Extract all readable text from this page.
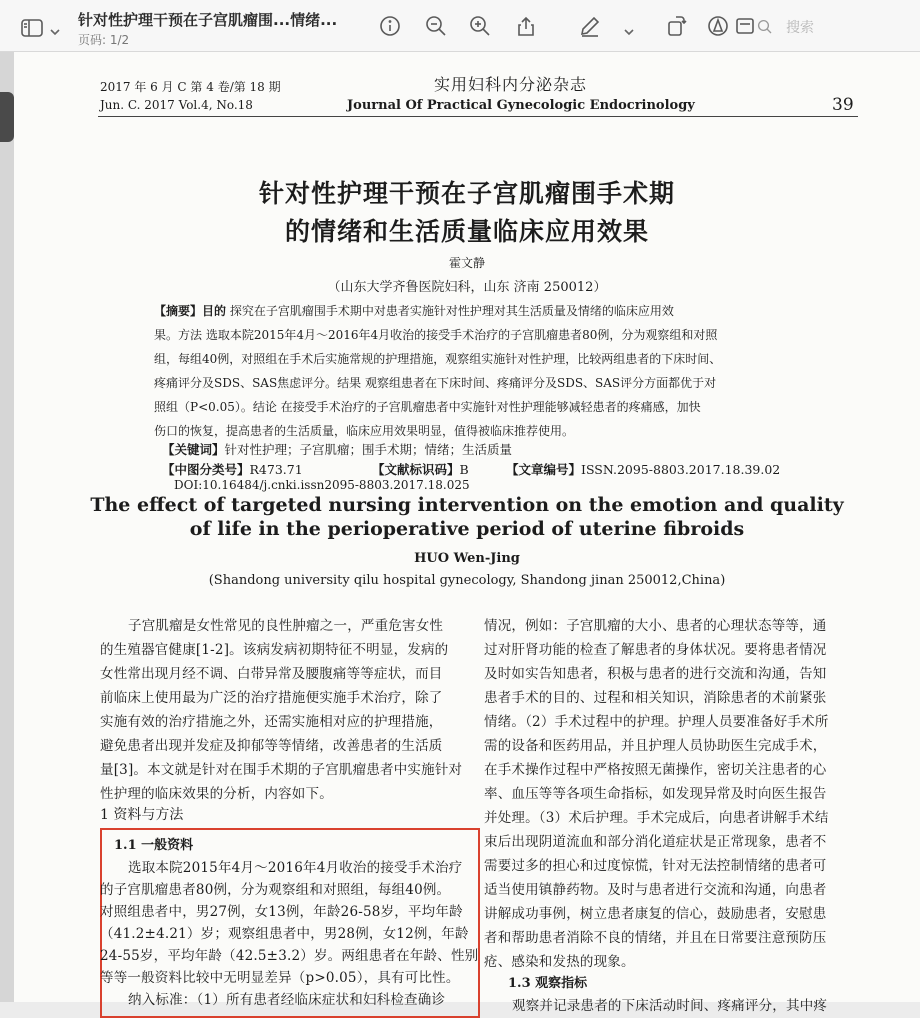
针对性护理干预在子宫肌瘤围...情绪...
页码: 1/2
搜索
2017 年 6 月 C 第 4 卷/第 18 期
Jun. C. 2017 Vol.4, No.18
实用妇科内分泌杂志
Journal Of Practical Gynecologic Endocrinology	39
针对性护理干预在子宫肌瘤围手术期
的情绪和生活质量临床应用效果
霍文静
（山东大学齐鲁医院妇科，山东 济南 250012）
【摘要】目的 探究在子宫肌瘤围手术期中对患者实施针对性护理对其生活质量及情绪的临床应用效
果。方法 选取本院2015年4月～2016年4月收治的接受手术治疗的子宫肌瘤患者80例，分为观察组和对照
组，每组40例，对照组在手术后实施常规的护理措施，观察组实施针对性护理，比较两组患者的下床时间、
疼痛评分及SDS、SAS焦虑评分。结果 观察组患者在下床时间、疼痛评分及SDS、SAS评分方面都优于对
照组（P<0.05）。结论 在接受手术治疗的子宫肌瘤患者中实施针对性护理能够减轻患者的疼痛感，加快
伤口的恢复，提高患者的生活质量，临床应用效果明显，值得被临床推荐使用。
【关键词】针对性护理；子宫肌瘤；围手术期；情绪；生活质量
【中图分类号】R473.71	【文献标识码】B	【文章编号】ISSN.2095-8803.2017.18.39.02
DOI:10.16484/j.cnki.issn2095-8803.2017.18.025
The effect of targeted nursing intervention on the emotion and quality
of life in the perioperative period of uterine fibroids
HUO Wen-Jing
(Shandong university qilu hospital gynecology, Shandong jinan 250012,China)
子宫肌瘤是女性常见的良性肿瘤之一，严重危害女性
的生殖器官健康[1-2]。该病发病初期特征不明显，发病的
女性常出现月经不调、白带异常及腰腹痛等等症状，而目
前临床上使用最为广泛的治疗措施便实施手术治疗，除了
实施有效的治疗措施之外，还需实施相对应的护理措施，
避免患者出现并发症及抑郁等等情绪，改善患者的生活质
量[3]。本文就是针对在围手术期的子宫肌瘤患者中实施针对
性护理的临床效果的分析，内容如下。
1 资料与方法
1.1 一般资料
选取本院2015年4月～2016年4月收治的接受手术治疗
的子宫肌瘤患者80例，分为观察组和对照组，每组40例。
对照组患者中，男27例，女13例，年龄26-58岁，平均年龄
（41.2±4.21）岁；观察组患者中，男28例，女12例，年龄
24-55岁，平均年龄（42.5±3.2）岁。两组患者在年龄、性别
等等一般资料比较中无明显差异（p>0.05），具有可比性。
纳入标准：（1）所有患者经临床症状和妇科检查确诊
情况，例如：子宫肌瘤的大小、患者的心理状态等等，通
过对肝肾功能的检查了解患者的身体状况。要将患者情况
及时如实告知患者，积极与患者的进行交流和沟通，告知
患者手术的目的、过程和相关知识，消除患者的术前紧张
情绪。（2）手术过程中的护理。护理人员要准备好手术所
需的设备和医药用品，并且护理人员协助医生完成手术，
在手术操作过程中严格按照无菌操作，密切关注患者的心
率、血压等等各项生命指标，如发现异常及时向医生报告
并处理。（3）术后护理。手术完成后，向患者讲解手术结
束后出现阴道流血和部分消化道症状是正常现象，患者不
需要过多的担心和过度惊慌，针对无法控制情绪的患者可
适当使用镇静药物。及时与患者进行交流和沟通，向患者
讲解成功事例，树立患者康复的信心，鼓励患者，安慰患
者和帮助患者消除不良的情绪，并且在日常要注意预防压
疮、感染和发热的现象。
1.3 观察指标
观察并记录患者的下床活动时间、疼痛评分，其中疼
